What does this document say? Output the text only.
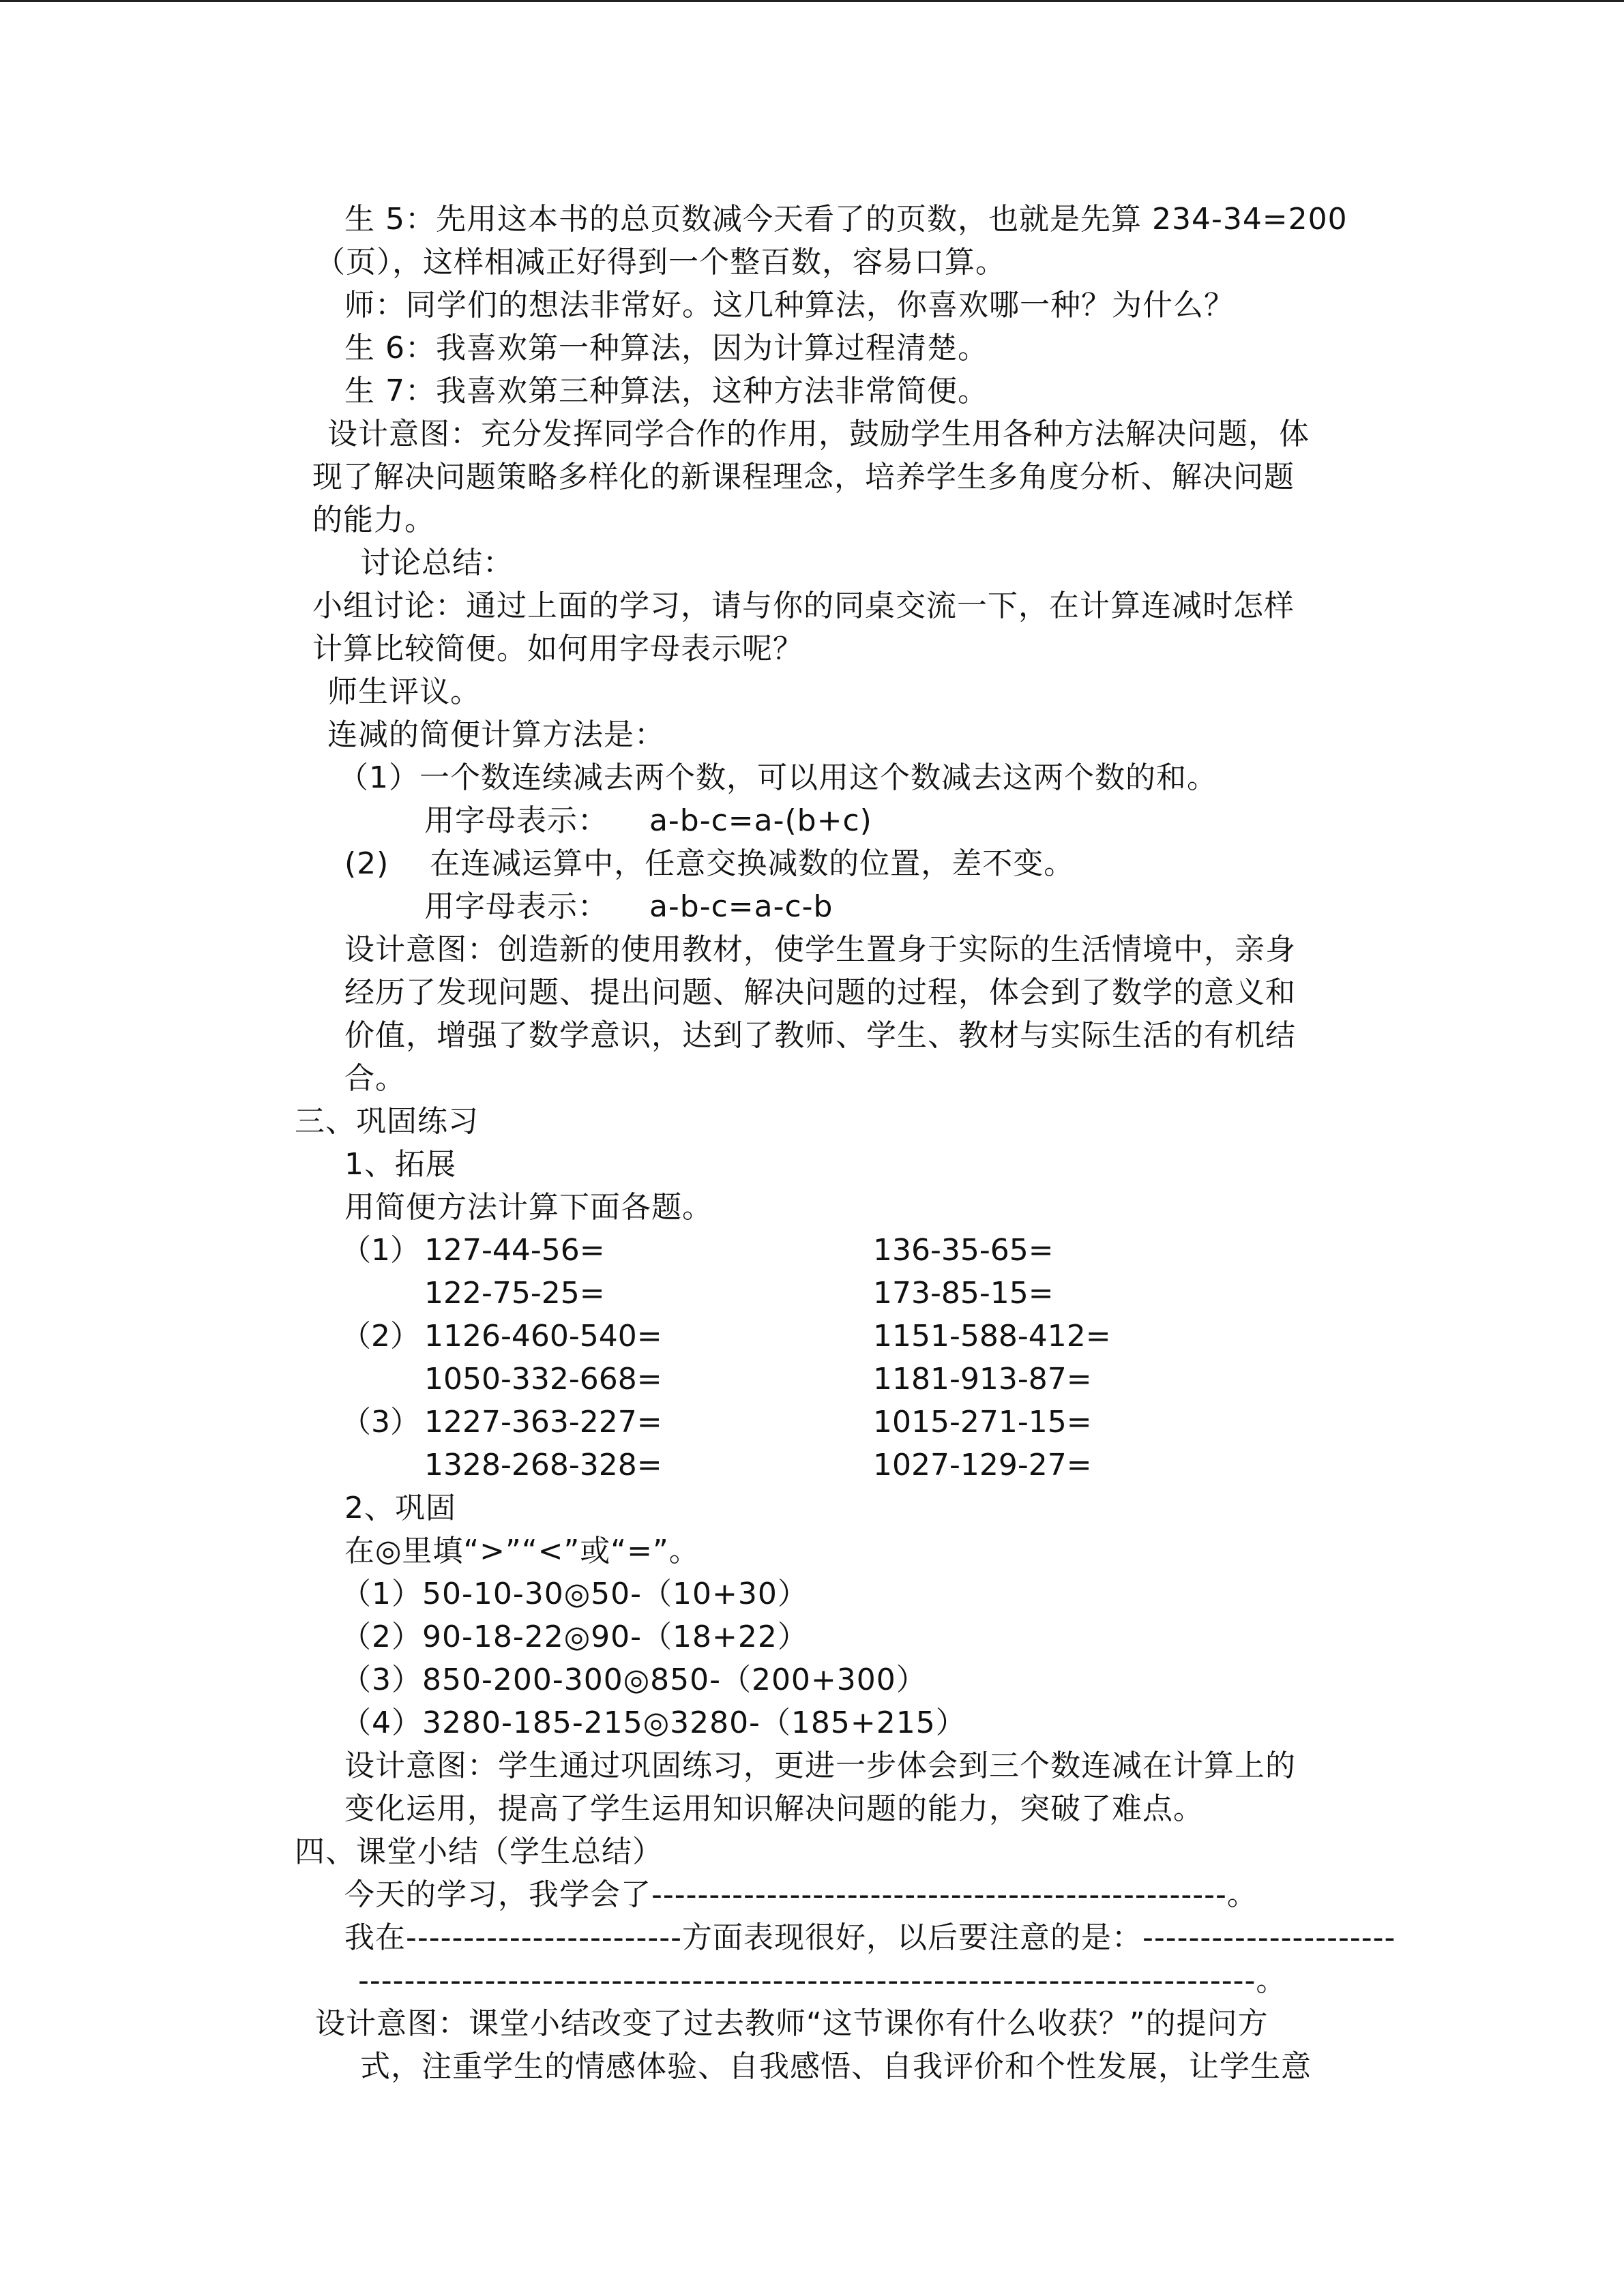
生 5：先用这本书的总页数减今天看了的页数，也就是先算 234-34=200

（页），这样相减正好得到一个整百数，容易口算。

师：同学们的想法非常好。这几种算法，你喜欢哪一种？为什么？

生 6：我喜欢第一种算法，因为计算过程清楚。

生 7：我喜欢第三种算法，这种方法非常简便。

设计意图：充分发挥同学合作的作用，鼓励学生用各种方法解决问题，体

现了解决问题策略多样化的新课程理念，培养学生多角度分析、解决问题

的能力。

讨论总结：

小组讨论：通过上面的学习，请与你的同桌交流一下，在计算连减时怎样

计算比较简便。如何用字母表示呢？

师生评议。

连减的简便计算方法是：

（1）一个数连续减去两个数，可以用这个数减去这两个数的和。

用字母表示：    a-b-c=a-(b+c)

(2)    在连减运算中，任意交换减数的位置，差不变。

用字母表示：    a-b-c=a-c-b

设计意图：创造新的使用教材，使学生置身于实际的生活情境中，亲身

经历了发现问题、提出问题、解决问题的过程，体会到了数学的意义和

价值，增强了数学意识，达到了教师、学生、教材与实际生活的有机结

合。

三、巩固练习

1、拓展

用简便方法计算下面各题。

（1） 127-44-56=	136-35-65=

122-75-25=	173-85-15=

（2） 1126-460-540=	1151-588-412=

1050-332-668=	1181-913-87=

（3） 1227-363-227=	1015-271-15=

1328-268-328=	1027-129-27=

2、巩固

在◎里填“>”“<”或“=”。

（1）50-10-30◎50-（10+30）

（2）90-18-22◎90-（18+22）

（3）850-200-300◎850-（200+300）

（4）3280-185-215◎3280-（185+215）

设计意图：学生通过巩固练习，更进一步体会到三个数连减在计算上的

变化运用，提高了学生运用知识解决问题的能力，突破了难点。

四、课堂小结（学生总结）

今天的学习，我学会了--------------------------------------------------。

我在------------------------方面表现很好，以后要注意的是：----------------------

------------------------------------------------------------------------------。

设计意图：课堂小结改变了过去教师“这节课你有什么收获？”的提问方

式，注重学生的情感体验、自我感悟、自我评价和个性发展，让学生意
